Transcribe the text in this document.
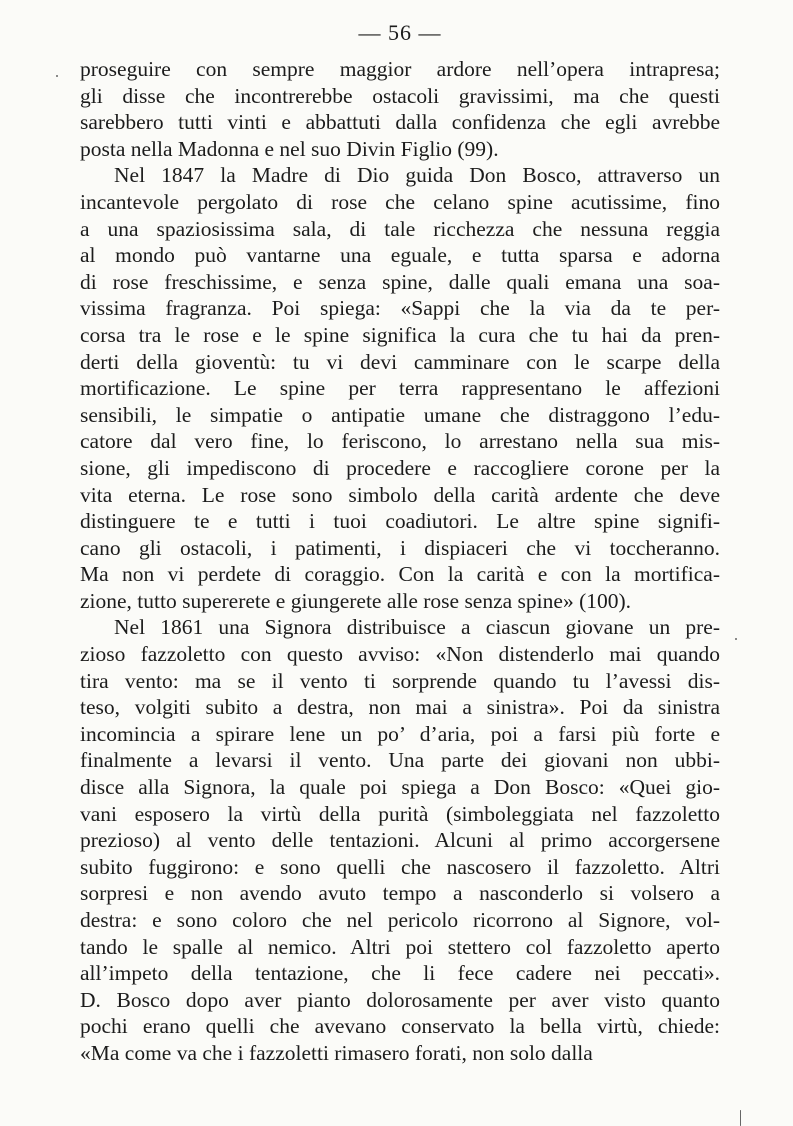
— 56 —
proseguire con sempre maggior ardore nell’opera intrapresa;
gli disse che incontrerebbe ostacoli gravissimi, ma che questi
sarebbero tutti vinti e abbattuti dalla confidenza che egli avrebbe
posta nella Madonna e nel suo Divin Figlio (99).
Nel 1847 la Madre di Dio guida Don Bosco, attraverso un
incantevole pergolato di rose che celano spine acutissime, fino
a una spaziosissima sala, di tale ricchezza che nessuna reggia
al mondo può vantarne una eguale, e tutta sparsa e adorna
di rose freschissime, e senza spine, dalle quali emana una soa-
vissima fragranza. Poi spiega: «Sappi che la via da te per-
corsa tra le rose e le spine significa la cura che tu hai da pren-
derti della gioventù: tu vi devi camminare con le scarpe della
mortificazione. Le spine per terra rappresentano le affezioni
sensibili, le simpatie o antipatie umane che distraggono l’edu-
catore dal vero fine, lo feriscono, lo arrestano nella sua mis-
sione, gli impediscono di procedere e raccogliere corone per la
vita eterna. Le rose sono simbolo della carità ardente che deve
distinguere te e tutti i tuoi coadiutori. Le altre spine signifi-
cano gli ostacoli, i patimenti, i dispiaceri che vi toccheranno.
Ma non vi perdete di coraggio. Con la carità e con la mortifica-
zione, tutto supererete e giungerete alle rose senza spine» (100).
Nel 1861 una Signora distribuisce a ciascun giovane un pre-
zioso fazzoletto con questo avviso: «Non distenderlo mai quando
tira vento: ma se il vento ti sorprende quando tu l’avessi dis-
teso, volgiti subito a destra, non mai a sinistra». Poi da sinistra
incomincia a spirare lene un po’ d’aria, poi a farsi più forte e
finalmente a levarsi il vento. Una parte dei giovani non ubbi-
disce alla Signora, la quale poi spiega a Don Bosco: «Quei gio-
vani esposero la virtù della purità (simboleggiata nel fazzoletto
prezioso) al vento delle tentazioni. Alcuni al primo accorgersene
subito fuggirono: e sono quelli che nascosero il fazzoletto. Altri
sorpresi e non avendo avuto tempo a nasconderlo si volsero a
destra: e sono coloro che nel pericolo ricorrono al Signore, vol-
tando le spalle al nemico. Altri poi stettero col fazzoletto aperto
all’impeto della tentazione, che li fece cadere nei peccati».
D. Bosco dopo aver pianto dolorosamente per aver visto quanto
pochi erano quelli che avevano conservato la bella virtù, chiede:
«Ma come va che i fazzoletti rimasero forati, non solo dalla
